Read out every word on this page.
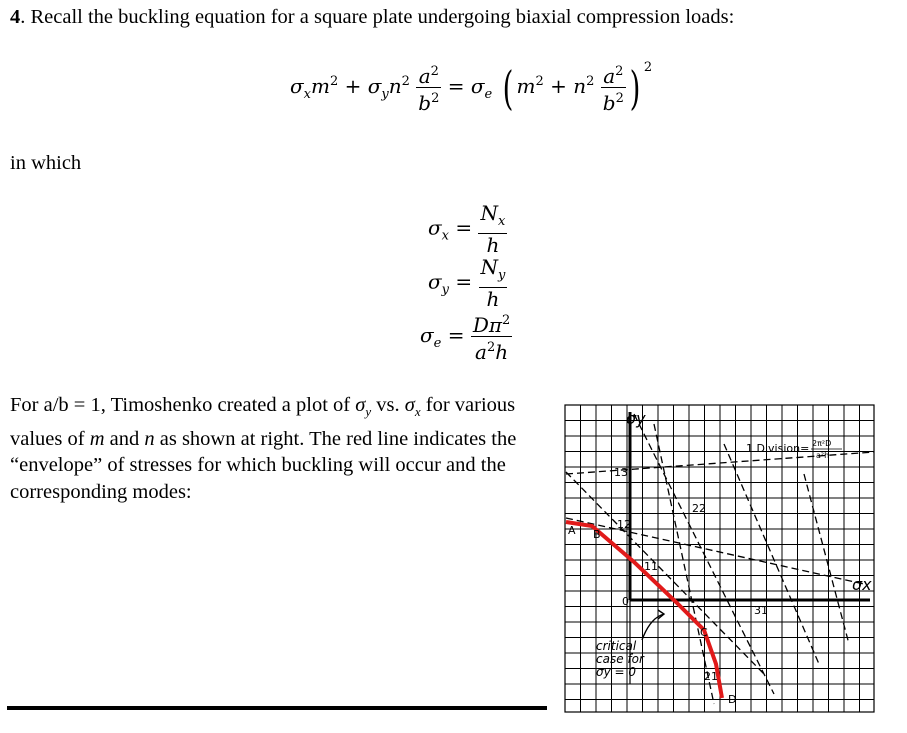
4. Recall the buckling equation for a square plate undergoing biaxial compression loads:
$\sigma_xm^2 + \sigma_yn^2 \frac{a^2}{b^2} = \sigma_e$ ( $m^2 + n^2 \frac{a^2}{b^2}$ ) $^2$
in which
$\sigma_x = \frac{N_x}{h}$
$\sigma_y = \frac{N_y}{h}$
$\sigma_e = \frac{D\pi^2}{a^2h}$
For a/b = 1, Timoshenko created a plot of $\sigma_y$ vs. $\sigma_x$ for various values of m and n as shown at right. The red line indicates the “envelope” of stresses for which buckling will occur and the corresponding modes:
13
12
22
11
31
21
0
A B
C
D
σy
σx
1 Division= 2π²D
a²h
critical
case for
σy = 0
